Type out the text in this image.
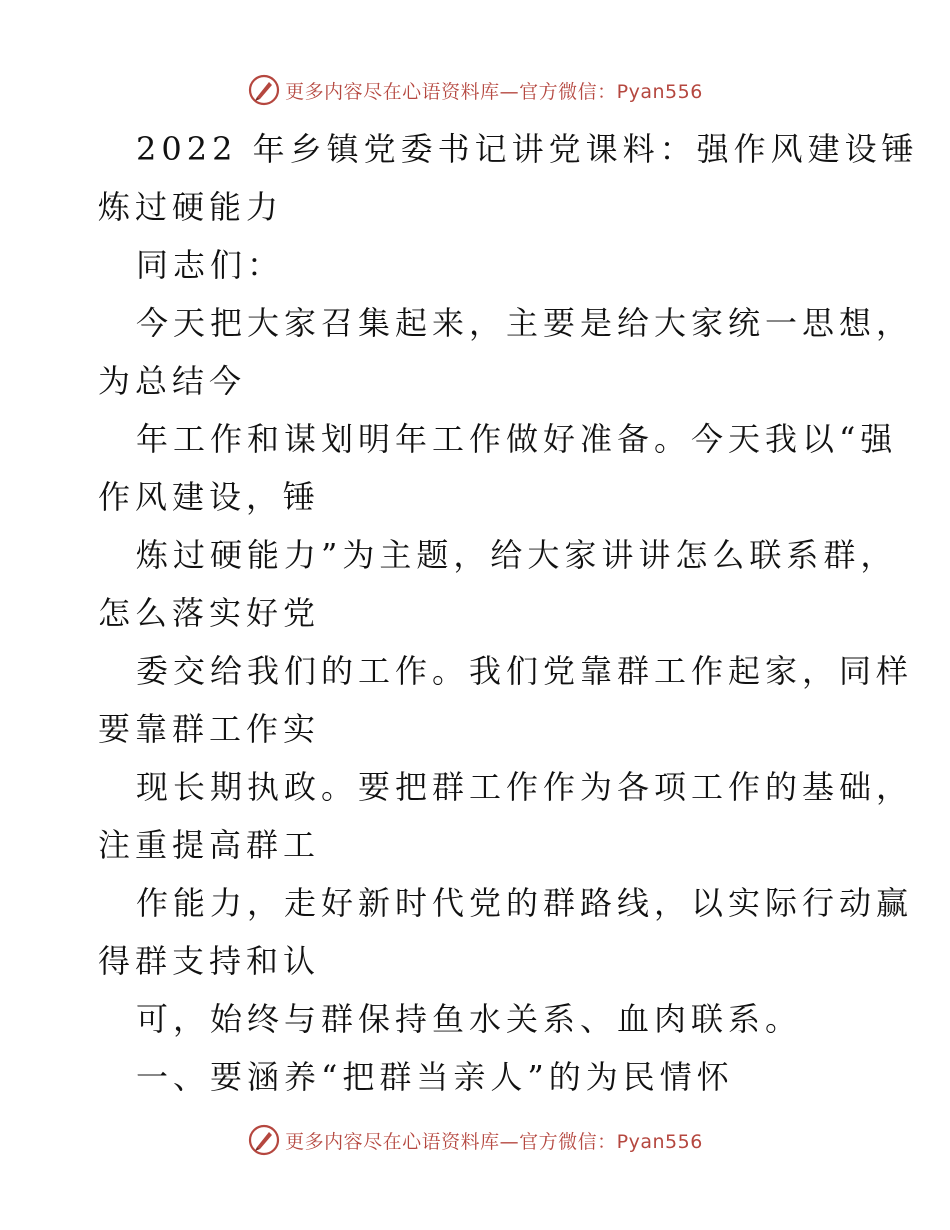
更多内容尽在心语资料库—官方微信：Pyan556
2022 年乡镇党委书记讲党课料：强作风建设锤
炼过硬能力
同志们：
今天把大家召集起来，主要是给大家统一思想，
为总结今
年工作和谋划明年工作做好准备。今天我以“强
作风建设，锤
炼过硬能力”为主题，给大家讲讲怎么联系群，
怎么落实好党
委交给我们的工作。我们党靠群工作起家，同样
要靠群工作实
现长期执政。要把群工作作为各项工作的基础，
注重提高群工
作能力，走好新时代党的群路线，以实际行动赢
得群支持和认
可，始终与群保持鱼水关系、血肉联系。
一、要涵养“把群当亲人”的为民情怀
更多内容尽在心语资料库—官方微信：Pyan556
